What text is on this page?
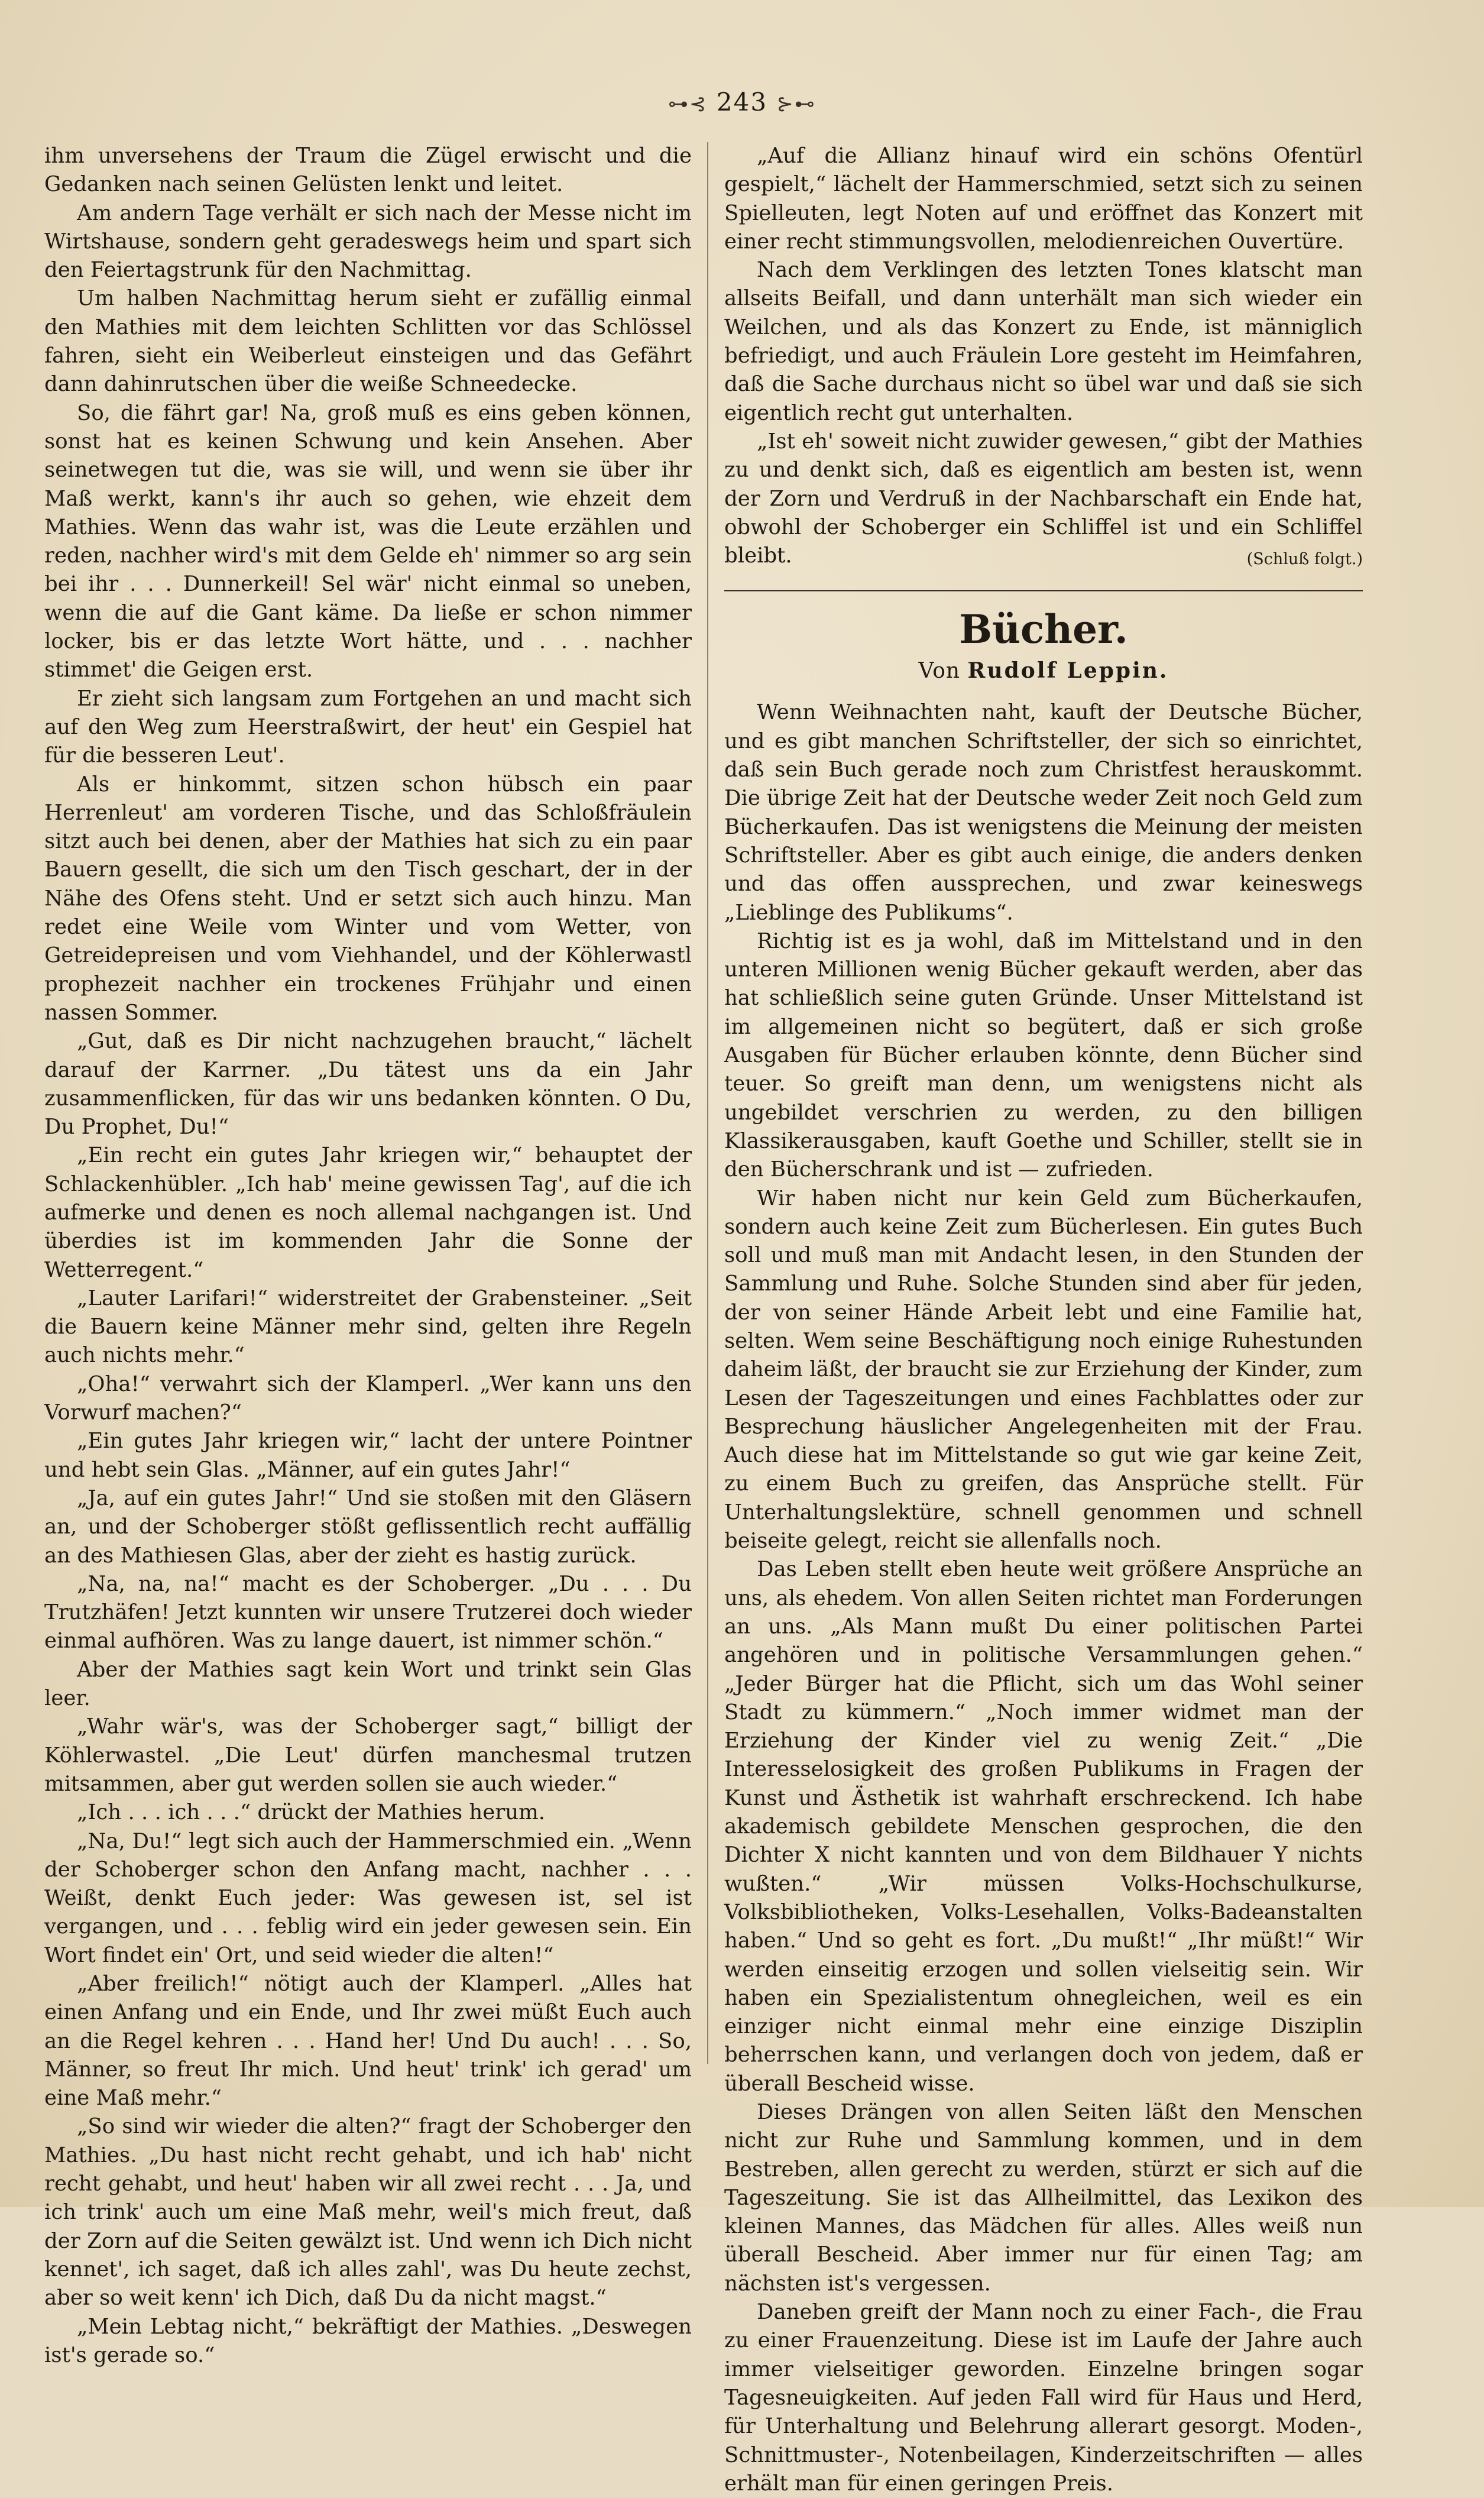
⊶⊰ 243 ⊱⊷

ihm unversehens der Traum die Zügel erwischt und die Gedanken nach seinen Gelüsten lenkt und leitet.

Am andern Tage verhält er sich nach der Messe nicht im Wirtshause, sondern geht geradeswegs heim und spart sich den Feiertagstrunk für den Nachmittag.

Um halben Nachmittag herum sieht er zufällig einmal den Mathies mit dem leichten Schlitten vor das Schlössel fahren, sieht ein Weiberleut einsteigen und das Gefährt dann dahinrutschen über die weiße Schneedecke.

So, die fährt gar! Na, groß muß es eins geben können, sonst hat es keinen Schwung und kein Ansehen. Aber seinetwegen tut die, was sie will, und wenn sie über ihr Maß werkt, kann's ihr auch so gehen, wie ehzeit dem Mathies. Wenn das wahr ist, was die Leute erzählen und reden, nachher wird's mit dem Gelde eh' nimmer so arg sein bei ihr . . . Dunnerkeil! Sel wär' nicht einmal so uneben, wenn die auf die Gant käme. Da ließe er schon nimmer locker, bis er das letzte Wort hätte, und . . . nachher stimmet' die Geigen erst.

Er zieht sich langsam zum Fortgehen an und macht sich auf den Weg zum Heerstraßwirt, der heut' ein Gespiel hat für die besseren Leut'.

Als er hinkommt, sitzen schon hübsch ein paar Herrenleut' am vorderen Tische, und das Schloßfräulein sitzt auch bei denen, aber der Mathies hat sich zu ein paar Bauern gesellt, die sich um den Tisch geschart, der in der Nähe des Ofens steht. Und er setzt sich auch hinzu. Man redet eine Weile vom Winter und vom Wetter, von Getreidepreisen und vom Viehhandel, und der Köhlerwastl prophezeit nachher ein trockenes Frühjahr und einen nassen Sommer.

„Gut, daß es Dir nicht nachzugehen braucht,“ lächelt darauf der Karrner. „Du tätest uns da ein Jahr zusammenflicken, für das wir uns bedanken könnten. O Du, Du Prophet, Du!“

„Ein recht ein gutes Jahr kriegen wir,“ behauptet der Schlackenhübler. „Ich hab' meine gewissen Tag', auf die ich aufmerke und denen es noch allemal nachgangen ist. Und überdies ist im kommenden Jahr die Sonne der Wetterregent.“

„Lauter Larifari!“ widerstreitet der Grabensteiner. „Seit die Bauern keine Männer mehr sind, gelten ihre Regeln auch nichts mehr.“

„Oha!“ verwahrt sich der Klamperl. „Wer kann uns den Vorwurf machen?“

„Ein gutes Jahr kriegen wir,“ lacht der untere Pointner und hebt sein Glas. „Männer, auf ein gutes Jahr!“

„Ja, auf ein gutes Jahr!“ Und sie stoßen mit den Gläsern an, und der Schoberger stößt geflissentlich recht auffällig an des Mathiesen Glas, aber der zieht es hastig zurück.

„Na, na, na!“ macht es der Schoberger. „Du . . . Du Trutzhäfen! Jetzt kunnten wir unsere Trutzerei doch wieder einmal aufhören. Was zu lange dauert, ist nimmer schön.“

Aber der Mathies sagt kein Wort und trinkt sein Glas leer.

„Wahr wär's, was der Schoberger sagt,“ billigt der Köhlerwastel. „Die Leut' dürfen manchesmal trutzen mitsammen, aber gut werden sollen sie auch wieder.“

„Ich . . . ich . . .“ drückt der Mathies herum.

„Na, Du!“ legt sich auch der Hammerschmied ein. „Wenn der Schoberger schon den Anfang macht, nachher . . . Weißt, denkt Euch jeder: Was gewesen ist, sel ist vergangen, und . . . feblig wird ein jeder gewesen sein. Ein Wort findet ein' Ort, und seid wieder die alten!“

„Aber freilich!“ nötigt auch der Klamperl. „Alles hat einen Anfang und ein Ende, und Ihr zwei müßt Euch auch an die Regel kehren . . . Hand her! Und Du auch! . . . So, Männer, so freut Ihr mich. Und heut' trink' ich gerad' um eine Maß mehr.“

„So sind wir wieder die alten?“ fragt der Schoberger den Mathies. „Du hast nicht recht gehabt, und ich hab' nicht recht gehabt, und heut' haben wir all zwei recht . . . Ja, und ich trink' auch um eine Maß mehr, weil's mich freut, daß der Zorn auf die Seiten gewälzt ist. Und wenn ich Dich nicht kennet', ich saget, daß ich alles zahl', was Du heute zechst, aber so weit kenn' ich Dich, daß Du da nicht magst.“

„Mein Lebtag nicht,“ bekräftigt der Mathies. „Deswegen ist's gerade so.“

„Auf die Allianz hinauf wird ein schöns Ofentürl gespielt,“ lächelt der Hammerschmied, setzt sich zu seinen Spielleuten, legt Noten auf und eröffnet das Konzert mit einer recht stimmungsvollen, melodienreichen Ouvertüre.

Nach dem Verklingen des letzten Tones klatscht man allseits Beifall, und dann unterhält man sich wieder ein Weilchen, und als das Konzert zu Ende, ist männiglich befriedigt, und auch Fräulein Lore gesteht im Heimfahren, daß die Sache durchaus nicht so übel war und daß sie sich eigentlich recht gut unterhalten.

„Ist eh' soweit nicht zuwider gewesen,“ gibt der Mathies zu und denkt sich, daß es eigentlich am besten ist, wenn der Zorn und Verdruß in der Nachbarschaft ein Ende hat, obwohl der Schoberger ein Schliffel ist und ein Schliffel bleibt.	(Schluß folgt.)

Bücher.
Von Rudolf Leppin.

Wenn Weihnachten naht, kauft der Deutsche Bücher, und es gibt manchen Schriftsteller, der sich so einrichtet, daß sein Buch gerade noch zum Christfest herauskommt. Die übrige Zeit hat der Deutsche weder Zeit noch Geld zum Bücherkaufen. Das ist wenigstens die Meinung der meisten Schriftsteller. Aber es gibt auch einige, die anders denken und das offen aussprechen, und zwar keineswegs „Lieblinge des Publikums“.

Richtig ist es ja wohl, daß im Mittelstand und in den unteren Millionen wenig Bücher gekauft werden, aber das hat schließlich seine guten Gründe. Unser Mittelstand ist im allgemeinen nicht so begütert, daß er sich große Ausgaben für Bücher erlauben könnte, denn Bücher sind teuer. So greift man denn, um wenigstens nicht als ungebildet verschrien zu werden, zu den billigen Klassikerausgaben, kauft Goethe und Schiller, stellt sie in den Bücherschrank und ist — zufrieden.

Wir haben nicht nur kein Geld zum Bücherkaufen, sondern auch keine Zeit zum Bücherlesen. Ein gutes Buch soll und muß man mit Andacht lesen, in den Stunden der Sammlung und Ruhe. Solche Stunden sind aber für jeden, der von seiner Hände Arbeit lebt und eine Familie hat, selten. Wem seine Beschäftigung noch einige Ruhestunden daheim läßt, der braucht sie zur Erziehung der Kinder, zum Lesen der Tageszeitungen und eines Fachblattes oder zur Besprechung häuslicher Angelegenheiten mit der Frau. Auch diese hat im Mittelstande so gut wie gar keine Zeit, zu einem Buch zu greifen, das Ansprüche stellt. Für Unterhaltungslektüre, schnell genommen und schnell beiseite gelegt, reicht sie allenfalls noch.

Das Leben stellt eben heute weit größere Ansprüche an uns, als ehedem. Von allen Seiten richtet man Forderungen an uns. „Als Mann mußt Du einer politischen Partei angehören und in politische Versammlungen gehen.“ „Jeder Bürger hat die Pflicht, sich um das Wohl seiner Stadt zu kümmern.“ „Noch immer widmet man der Erziehung der Kinder viel zu wenig Zeit.“ „Die Interesselosigkeit des großen Publikums in Fragen der Kunst und Ästhetik ist wahrhaft erschreckend. Ich habe akademisch gebildete Menschen gesprochen, die den Dichter X nicht kannten und von dem Bildhauer Y nichts wußten.“ „Wir müssen Volks-Hochschulkurse, Volksbibliotheken, Volks-Lesehallen, Volks-Badeanstalten haben.“ Und so geht es fort. „Du mußt!“ „Ihr müßt!“ Wir werden einseitig erzogen und sollen vielseitig sein. Wir haben ein Spezialistentum ohnegleichen, weil es ein einziger nicht einmal mehr eine einzige Disziplin beherrschen kann, und verlangen doch von jedem, daß er überall Bescheid wisse.

Dieses Drängen von allen Seiten läßt den Menschen nicht zur Ruhe und Sammlung kommen, und in dem Bestreben, allen gerecht zu werden, stürzt er sich auf die Tageszeitung. Sie ist das Allheilmittel, das Lexikon des kleinen Mannes, das Mädchen für alles. Alles weiß nun überall Bescheid. Aber immer nur für einen Tag; am nächsten ist's vergessen.

Daneben greift der Mann noch zu einer Fach-, die Frau zu einer Frauenzeitung. Diese ist im Laufe der Jahre auch immer vielseitiger geworden. Einzelne bringen sogar Tagesneuigkeiten. Auf jeden Fall wird für Haus und Herd, für Unterhaltung und Belehrung allerart gesorgt. Moden-, Schnittmuster-, Notenbeilagen, Kinderzeitschriften — alles erhält man für einen geringen Preis.
